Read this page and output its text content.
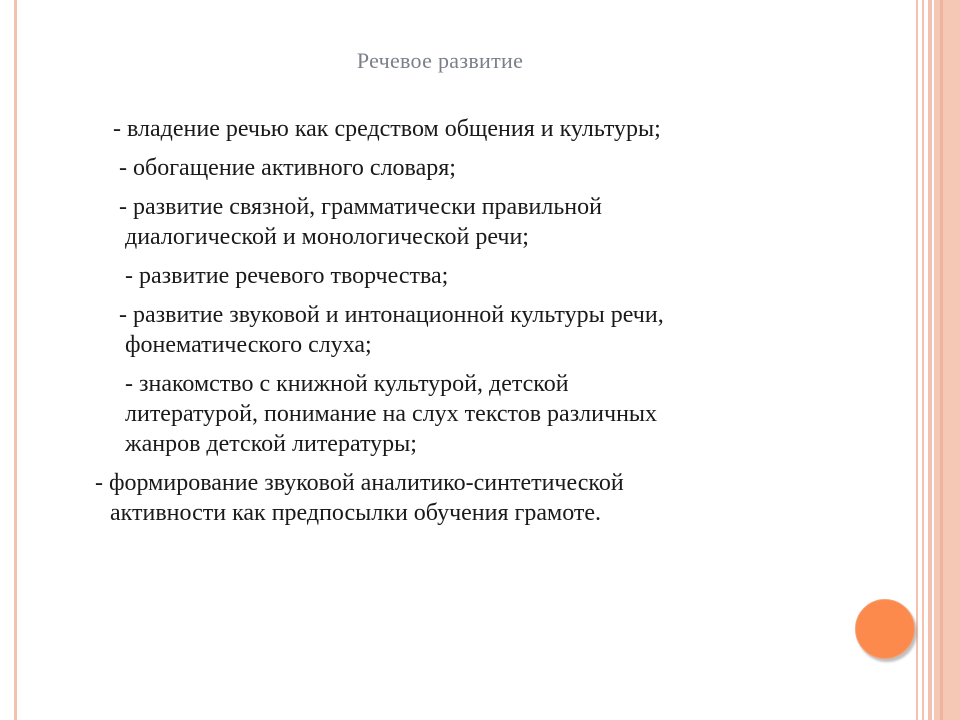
Речевое развитие
- владение речью как средством общения и культуры;
- обогащение активного словаря;
- развитие связной, грамматически правильной
диалогической и монологической речи;
- развитие речевого творчества;
- развитие звуковой и интонационной культуры речи,
фонематического слуха;
- знакомство с книжной культурой, детской
литературой, понимание на слух текстов различных
жанров детской литературы;
- формирование звуковой аналитико-синтетической
активности как предпосылки обучения грамоте.
